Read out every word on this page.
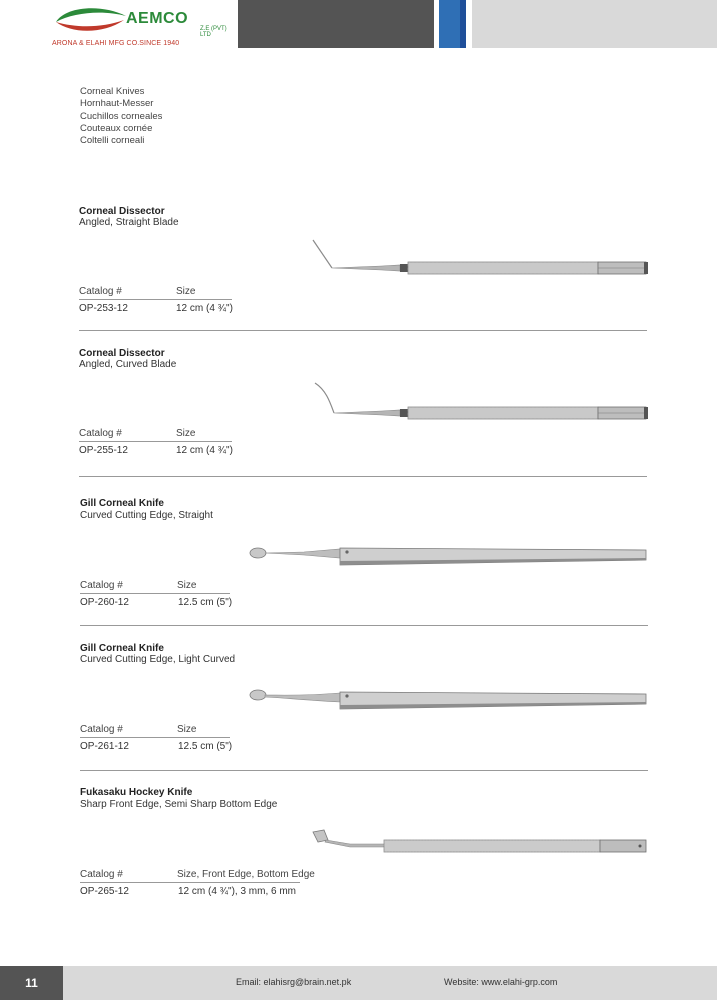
AEMCO
Z.E (PVT) LTD
ARONA & ELAHI MFG CO.SINCE 1940
Corneal Knives
Hornhaut-Messer
Cuchillos corneales
Couteaux cornée
Coltelli corneali
Corneal Dissector
Angled, Straight Blade
Catalog #	Size
OP-253-12	12 cm (4 ¾")
Corneal Dissector
Angled, Curved Blade
Catalog #	Size
OP-255-12	12 cm (4 ¾")
Gill Corneal Knife
Curved Cutting Edge, Straight
Catalog #	Size
OP-260-12	12.5 cm (5")
Gill Corneal Knife
Curved Cutting Edge, Light Curved
Catalog #	Size
OP-261-12	12.5 cm (5")
Fukasaku Hockey Knife
Sharp Front Edge, Semi Sharp Bottom Edge
Catalog #	Size, Front Edge, Bottom Edge
OP-265-12	12 cm (4 ¾"), 3 mm, 6 mm
11	Email: elahisrg@brain.net.pk	Website: www.elahi-grp.com
